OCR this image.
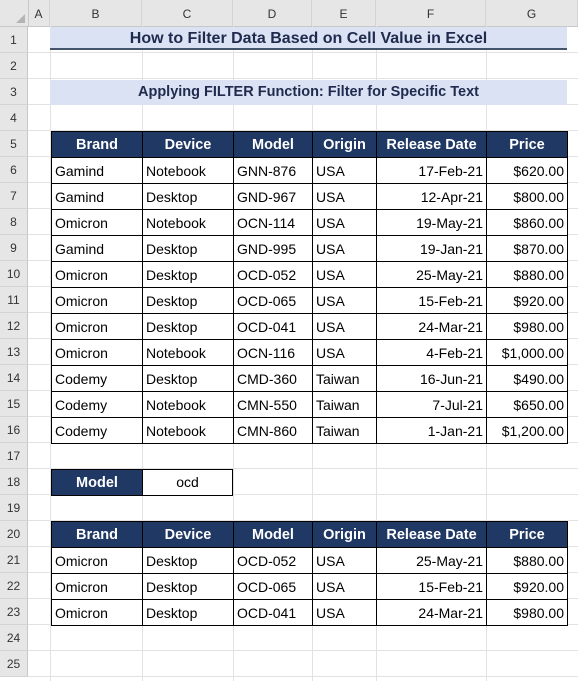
A	B	C	D	E	F	G
1
2
3
4
5
6
7
8
9
10
11
12
13
14
15
16
17
18
19
20
21
22
23
24
25
How to Filter Data Based on Cell Value in Excel
Applying FILTER Function: Filter for Specific Text
Brand	Device	Model	Origin	Release Date	Price
Gamind	Notebook	GNN-876	USA	17-Feb-21	$620.00
Gamind	Desktop	GND-967	USA	12-Apr-21	$800.00
Omicron	Notebook	OCN-114	USA	19-May-21	$860.00
Gamind	Desktop	GND-995	USA	19-Jan-21	$870.00
Omicron	Desktop	OCD-052	USA	25-May-21	$880.00
Omicron	Desktop	OCD-065	USA	15-Feb-21	$920.00
Omicron	Desktop	OCD-041	USA	24-Mar-21	$980.00
Omicron	Notebook	OCN-116	USA	4-Feb-21	$1,000.00
Codemy	Desktop	CMD-360	Taiwan	16-Jun-21	$490.00
Codemy	Notebook	CMN-550	Taiwan	7-Jul-21	$650.00
Codemy	Notebook	CMN-860	Taiwan	1-Jan-21	$1,200.00
Model	ocd
Brand	Device	Model	Origin	Release Date	Price
Omicron	Desktop	OCD-052	USA	25-May-21	$880.00
Omicron	Desktop	OCD-065	USA	15-Feb-21	$920.00
Omicron	Desktop	OCD-041	USA	24-Mar-21	$980.00
